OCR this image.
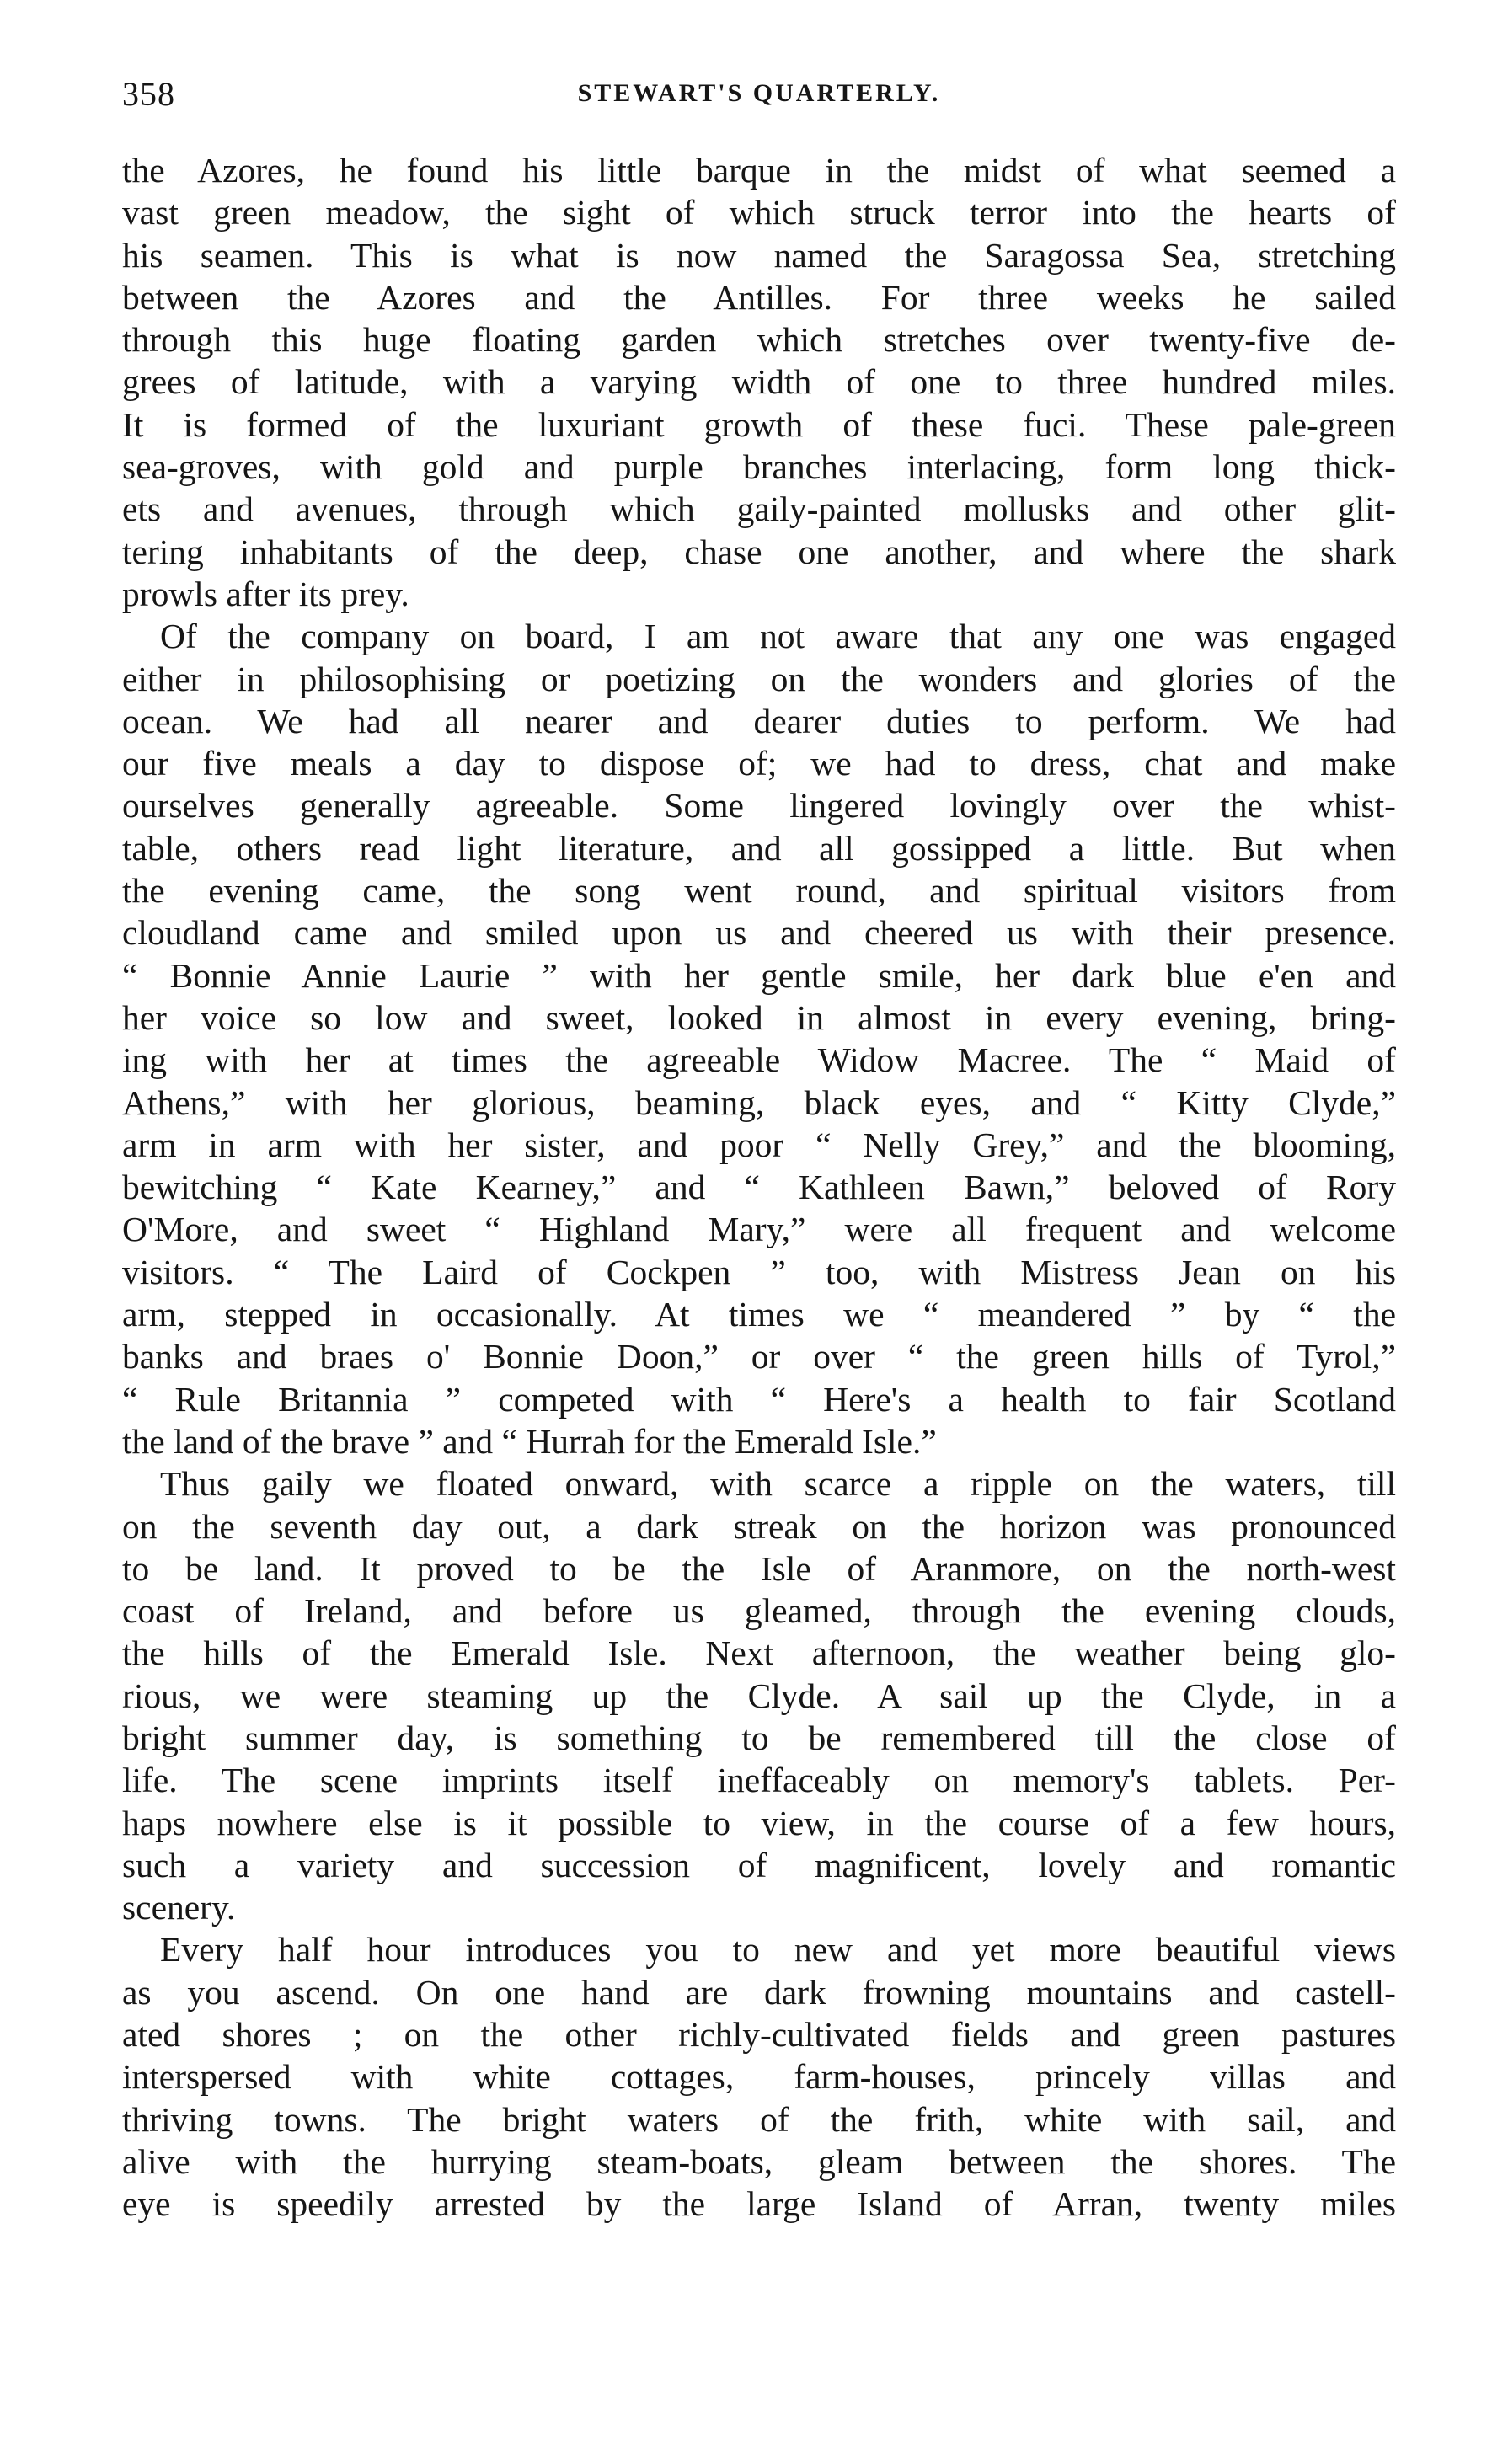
358	STEWART'S QUARTERLY.

the Azores, he found his little barque in the midst of what seemed a
vast green meadow, the sight of which struck terror into the hearts of
his seamen. This is what is now named the Saragossa Sea, stretching
between the Azores and the Antilles. For three weeks he sailed
through this huge floating garden which stretches over twenty-five de-
grees of latitude, with a varying width of one to three hundred miles.
It is formed of the luxuriant growth of these fuci. These pale-green
sea-groves, with gold and purple branches interlacing, form long thick-
ets and avenues, through which gaily-painted mollusks and other glit-
tering inhabitants of the deep, chase one another, and where the shark
prowls after its prey.

Of the company on board, I am not aware that any one was engaged
either in philosophising or poetizing on the wonders and glories of the
ocean. We had all nearer and dearer duties to perform. We had
our five meals a day to dispose of; we had to dress, chat and make
ourselves generally agreeable. Some lingered lovingly over the whist-
table, others read light literature, and all gossipped a little. But when
the evening came, the song went round, and spiritual visitors from
cloudland came and smiled upon us and cheered us with their presence.
“ Bonnie Annie Laurie ” with her gentle smile, her dark blue e'en and
her voice so low and sweet, looked in almost in every evening, bring-
ing with her at times the agreeable Widow Macree. The “ Maid of
Athens,” with her glorious, beaming, black eyes, and “ Kitty Clyde,”
arm in arm with her sister, and poor “ Nelly Grey,” and the blooming,
bewitching “ Kate Kearney,” and “ Kathleen Bawn,” beloved of Rory
O'More, and sweet “ Highland Mary,” were all frequent and welcome
visitors. “ The Laird of Cockpen ” too, with Mistress Jean on his
arm, stepped in occasionally. At times we “ meandered ” by “ the
banks and braes o' Bonnie Doon,” or over “ the green hills of Tyrol,”
“ Rule Britannia ” competed with “ Here's a health to fair Scotland
the land of the brave ” and “ Hurrah for the Emerald Isle.”

Thus gaily we floated onward, with scarce a ripple on the waters, till
on the seventh day out, a dark streak on the horizon was pronounced
to be land. It proved to be the Isle of Aranmore, on the north-west
coast of Ireland, and before us gleamed, through the evening clouds,
the hills of the Emerald Isle. Next afternoon, the weather being glo-
rious, we were steaming up the Clyde. A sail up the Clyde, in a
bright summer day, is something to be remembered till the close of
life. The scene imprints itself ineffaceably on memory's tablets. Per-
haps nowhere else is it possible to view, in the course of a few hours,
such a variety and succession of magnificent, lovely and romantic
scenery.

Every half hour introduces you to new and yet more beautiful views
as you ascend. On one hand are dark frowning mountains and castell-
ated shores ; on the other richly-cultivated fields and green pastures
interspersed with white cottages, farm-houses, princely villas and
thriving towns. The bright waters of the frith, white with sail, and
alive with the hurrying steam-boats, gleam between the shores. The
eye is speedily arrested by the large Island of Arran, twenty miles
